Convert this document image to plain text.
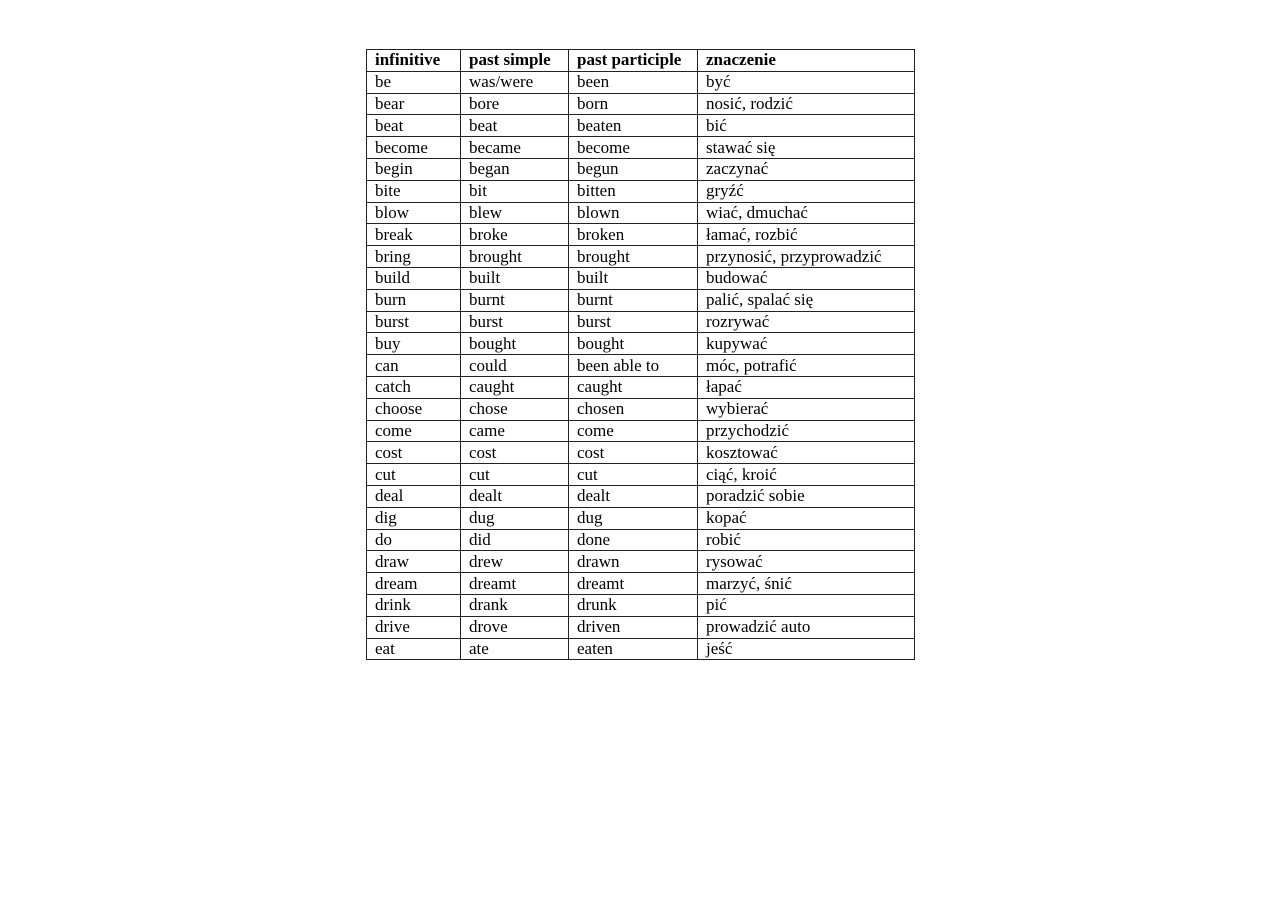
infinitive	past simple	past participle	znaczenie
be	was/were	been	być
bear	bore	born	nosić, rodzić
beat	beat	beaten	bić
become	became	become	stawać się
begin	began	begun	zaczynać
bite	bit	bitten	gryźć
blow	blew	blown	wiać, dmuchać
break	broke	broken	łamać, rozbić
bring	brought	brought	przynosić, przyprowadzić
build	built	built	budować
burn	burnt	burnt	palić, spalać się
burst	burst	burst	rozrywać
buy	bought	bought	kupywać
can	could	been able to	móc, potrafić
catch	caught	caught	łapać
choose	chose	chosen	wybierać
come	came	come	przychodzić
cost	cost	cost	kosztować
cut	cut	cut	ciąć, kroić
deal	dealt	dealt	poradzić sobie
dig	dug	dug	kopać
do	did	done	robić
draw	drew	drawn	rysować
dream	dreamt	dreamt	marzyć, śnić
drink	drank	drunk	pić
drive	drove	driven	prowadzić auto
eat	ate	eaten	jeść
